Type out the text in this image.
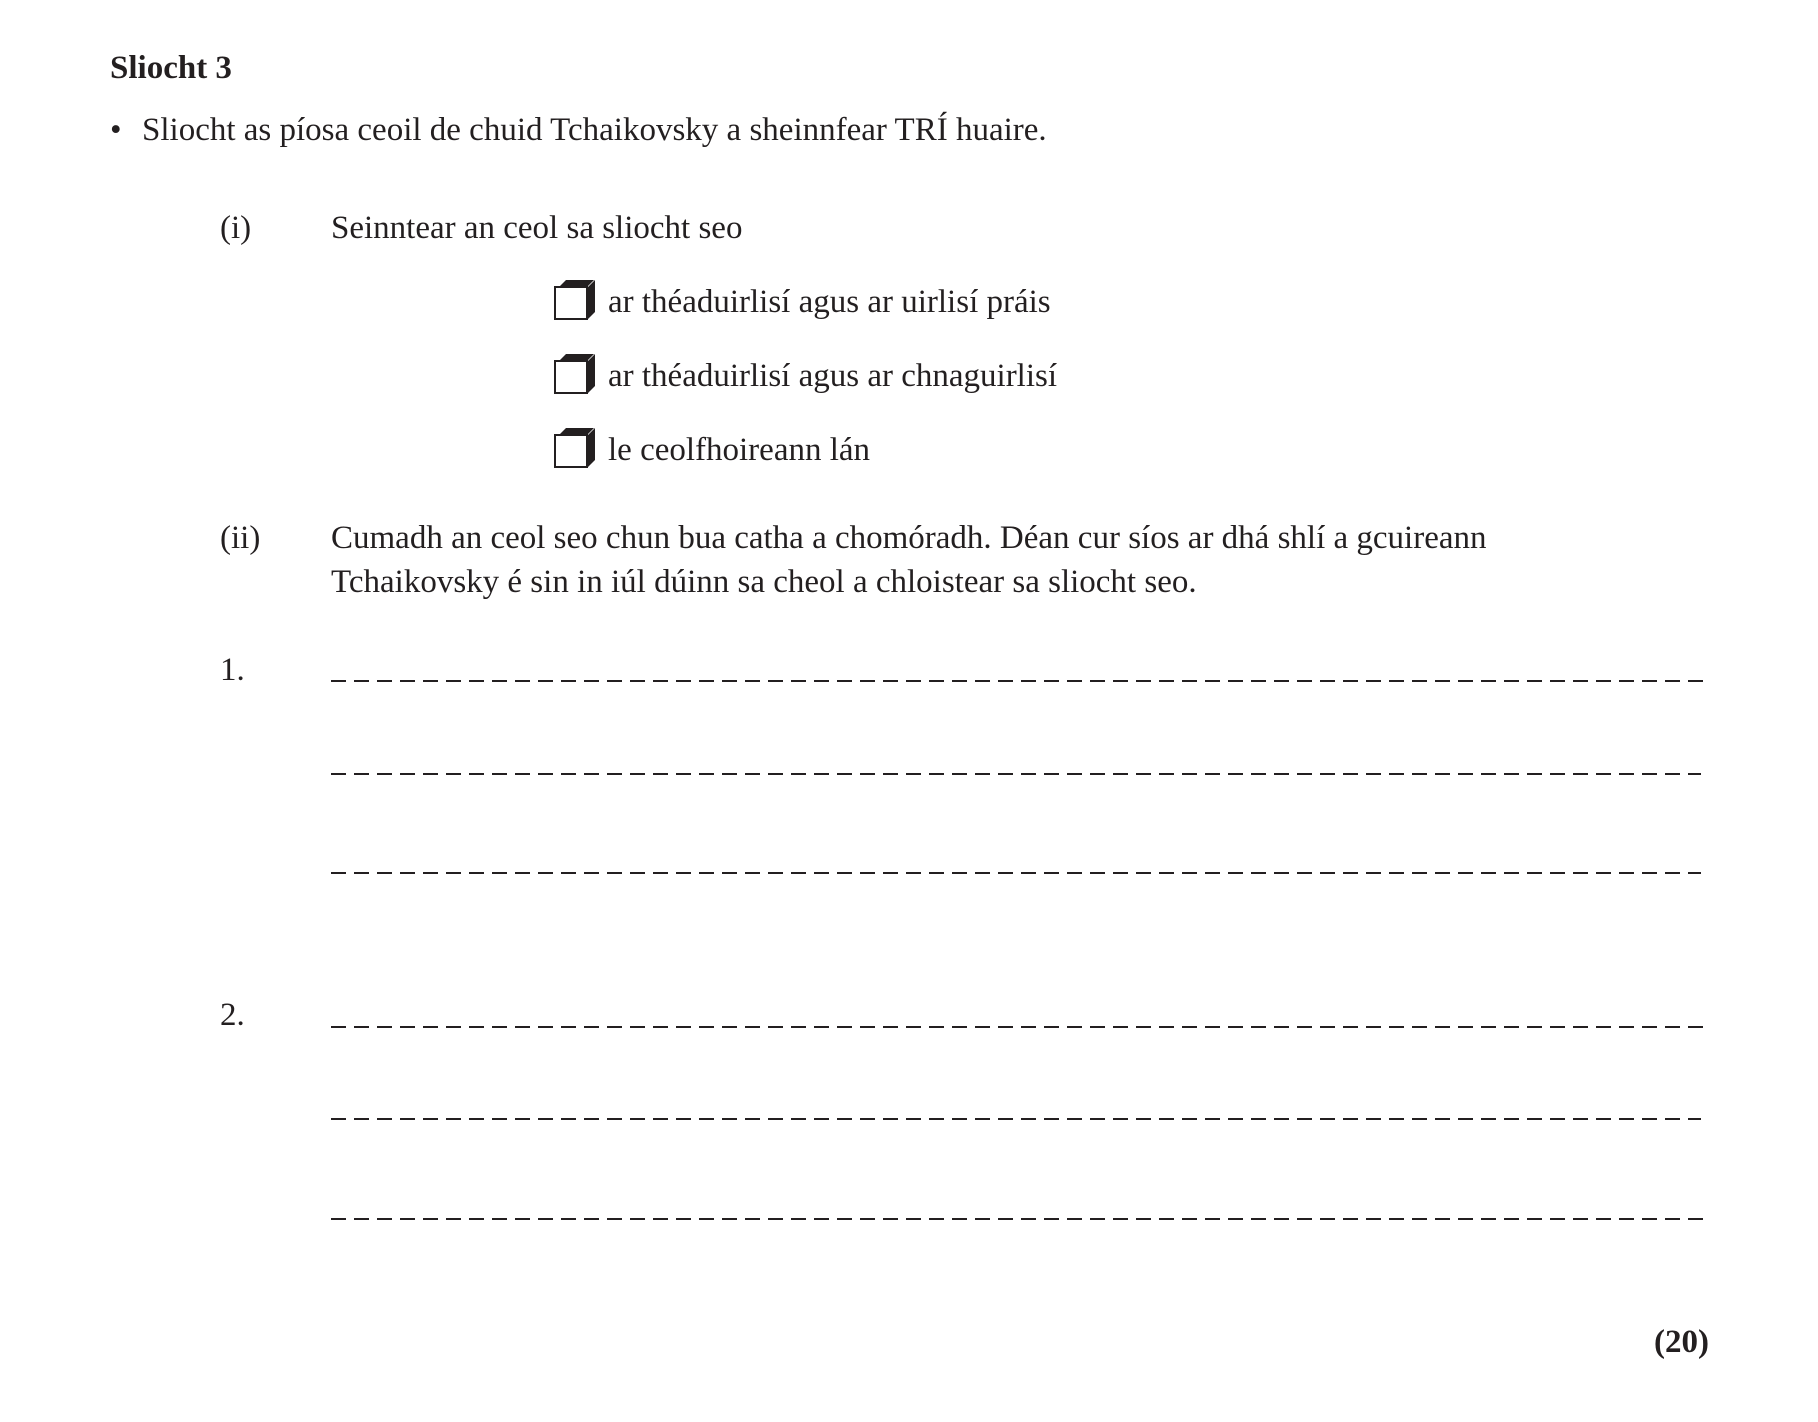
Sliocht 3
• Sliocht as píosa ceoil de chuid Tchaikovsky a sheinnfear TRÍ huaire.
(i) Seinntear an ceol sa sliocht seo
ar théaduirlisí agus ar uirlisí práis
ar théaduirlisí agus ar chnaguirlisí
le ceolfhoireann lán
(ii) Cumadh an ceol seo chun bua catha a chomóradh. Déan cur síos ar dhá shlí a gcuireann
Tchaikovsky é sin in iúl dúinn sa cheol a chloistear sa sliocht seo.
1.
2.
(20)
